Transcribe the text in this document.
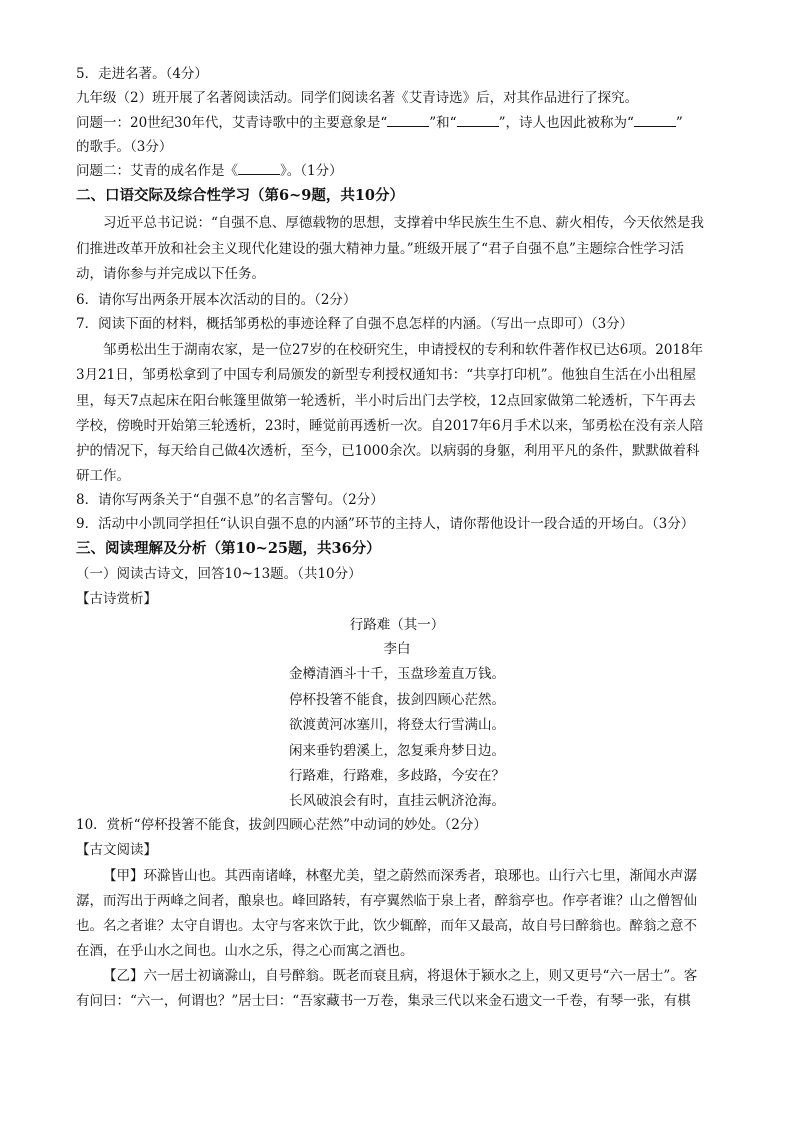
5．走进名著。（4分）
九年级（2）班开展了名著阅读活动。同学们阅读名著《艾青诗选》后，对其作品进行了探究。
问题一：20世纪30年代，艾青诗歌中的主要意象是“	”和“	”，诗人也因此被称为“	”
的歌手。（3分）
问题二：艾青的成名作是《	》。（1分）
二、口语交际及综合性学习（第6~9题，共10分）
习近平总书记说：“自强不息、厚德载物的思想，支撑着中华民族生生不息、薪火相传，今天依然是我
们推进改革开放和社会主义现代化建设的强大精神力量。”班级开展了“君子自强不息”主题综合性学习活
动，请你参与并完成以下任务。
6．请你写出两条开展本次活动的目的。（2分）
7．阅读下面的材料，概括邹勇松的事迹诠释了自强不息怎样的内涵。（写出一点即可）（3分）
邹勇松出生于湖南农家，是一位27岁的在校研究生，申请授权的专利和软件著作权已达6项。2018年
3月21日，邹勇松拿到了中国专利局颁发的新型专利授权通知书：“共享打印机”。他独自生活在小出租屋
里，每天7点起床在阳台帐篷里做第一轮透析，半小时后出门去学校，12点回家做第二轮透析，下午再去
学校，傍晚时开始第三轮透析，23时，睡觉前再透析一次。自2017年6月手术以来，邹勇松在没有亲人陪
护的情况下，每天给自己做4次透析，至今，已1000余次。以病弱的身躯，利用平凡的条件，默默做着科
研工作。
8．请你写两条关于“自强不息”的名言警句。（2分）
9．活动中小凯同学担任“认识自强不息的内涵”环节的主持人，请你帮他设计一段合适的开场白。（3分）
三、阅读理解及分析（第10~25题，共36分）
（一）阅读古诗文，回答10~13题。（共10分）
【古诗赏析】
行路难（其一）
李白
金樽清酒斗十千，玉盘珍羞直万钱。
停杯投箸不能食，拔剑四顾心茫然。
欲渡黄河冰塞川，将登太行雪满山。
闲来垂钓碧溪上，忽复乘舟梦日边。
行路难，行路难，多歧路，今安在？
长风破浪会有时，直挂云帆济沧海。
10．赏析“停杯投箸不能食，拔剑四顾心茫然”中动词的妙处。（2分）
【古文阅读】
【甲】环滁皆山也。其西南诸峰，林壑尤美，望之蔚然而深秀者，琅琊也。山行六七里，渐闻水声潺
潺，而泻出于两峰之间者，酿泉也。峰回路转，有亭翼然临于泉上者，醉翁亭也。作亭者谁？山之僧智仙
也。名之者谁？太守自谓也。太守与客来饮于此，饮少辄醉，而年又最高，故自号曰醉翁也。醉翁之意不
在酒，在乎山水之间也。山水之乐，得之心而寓之酒也。
【乙】六一居士初谪滁山，自号醉翁。既老而衰且病，将退休于颍水之上，则又更号“六一居士”。客
有问曰：“六一，何谓也？”居士曰：“吾家藏书一万卷，集录三代以来金石遗文一千卷，有琴一张，有棋
